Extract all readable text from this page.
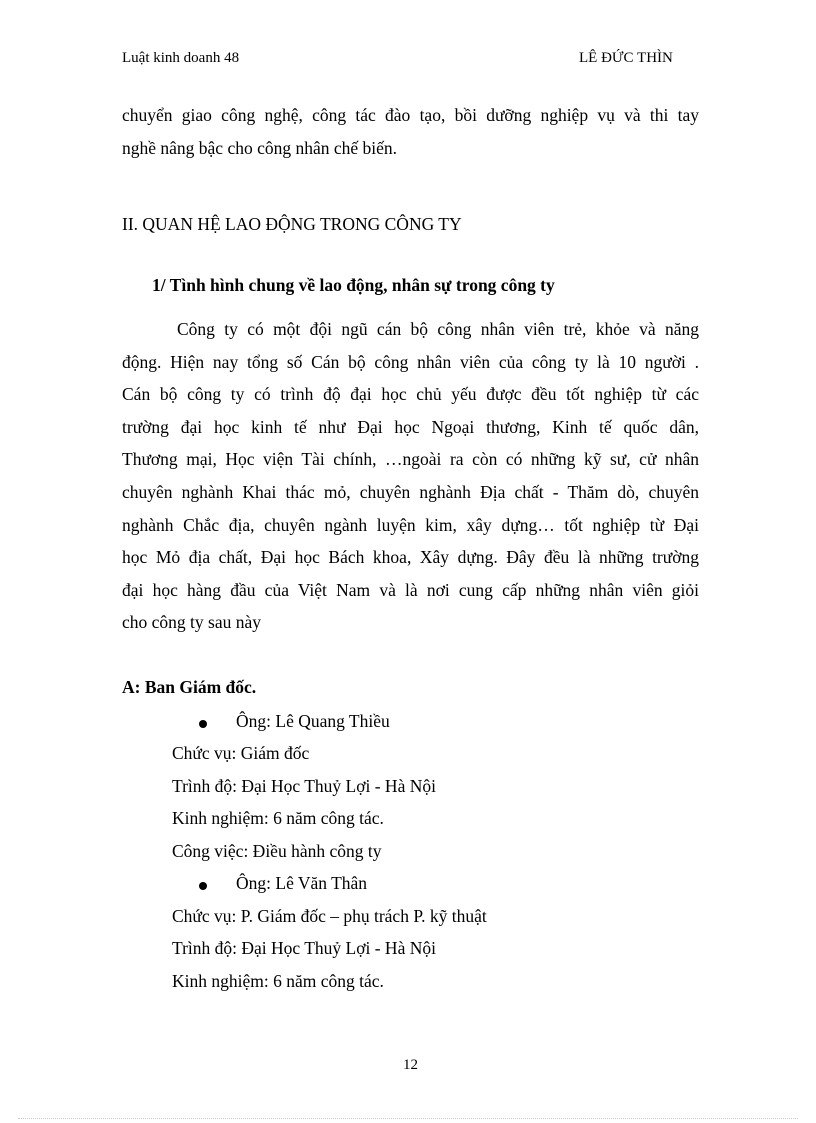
Luật kinh doanh 48	LÊ ĐỨC THÌN
chuyển giao công nghệ, công tác đào tạo, bồi dưỡng nghiệp vụ và thi tay
nghề nâng bậc cho công nhân chế biến.
II. QUAN HỆ LAO ĐỘNG TRONG CÔNG TY
1/ Tình hình chung về lao động, nhân sự trong công ty
Công ty có một đội ngũ cán bộ công nhân viên trẻ, khỏe và năng
động. Hiện nay tổng số Cán bộ công nhân viên của công ty là 10 người .
Cán bộ công ty có trình độ đại học chủ yếu được đều tốt nghiệp từ các
trường đại học kinh tế như Đại học Ngoại thương, Kinh tế quốc dân,
Thương mại, Học viện Tài chính, …ngoài ra còn có những kỹ sư, cử nhân
chuyên nghành Khai thác mỏ, chuyên nghành Địa chất - Thăm dò, chuyên
nghành Chắc địa, chuyên ngành luyện kim, xây dựng… tốt nghiệp từ Đại
học Mỏ địa chất, Đại học Bách khoa, Xây dựng. Đây đều là những trường
đại học hàng đầu của Việt Nam và là nơi cung cấp những nhân viên giỏi
cho công ty sau này
A: Ban Giám đốc.
Ông: Lê Quang Thiều
Chức vụ: Giám đốc
Trình độ: Đại Học Thuỷ Lợi - Hà Nội
Kinh nghiệm: 6 năm công tác.
Công việc: Điều hành công ty
Ông: Lê Văn Thân
Chức vụ: P. Giám đốc – phụ trách P. kỹ thuật
Trình độ: Đại Học Thuỷ Lợi - Hà Nội
Kinh nghiệm: 6 năm công tác.
12
